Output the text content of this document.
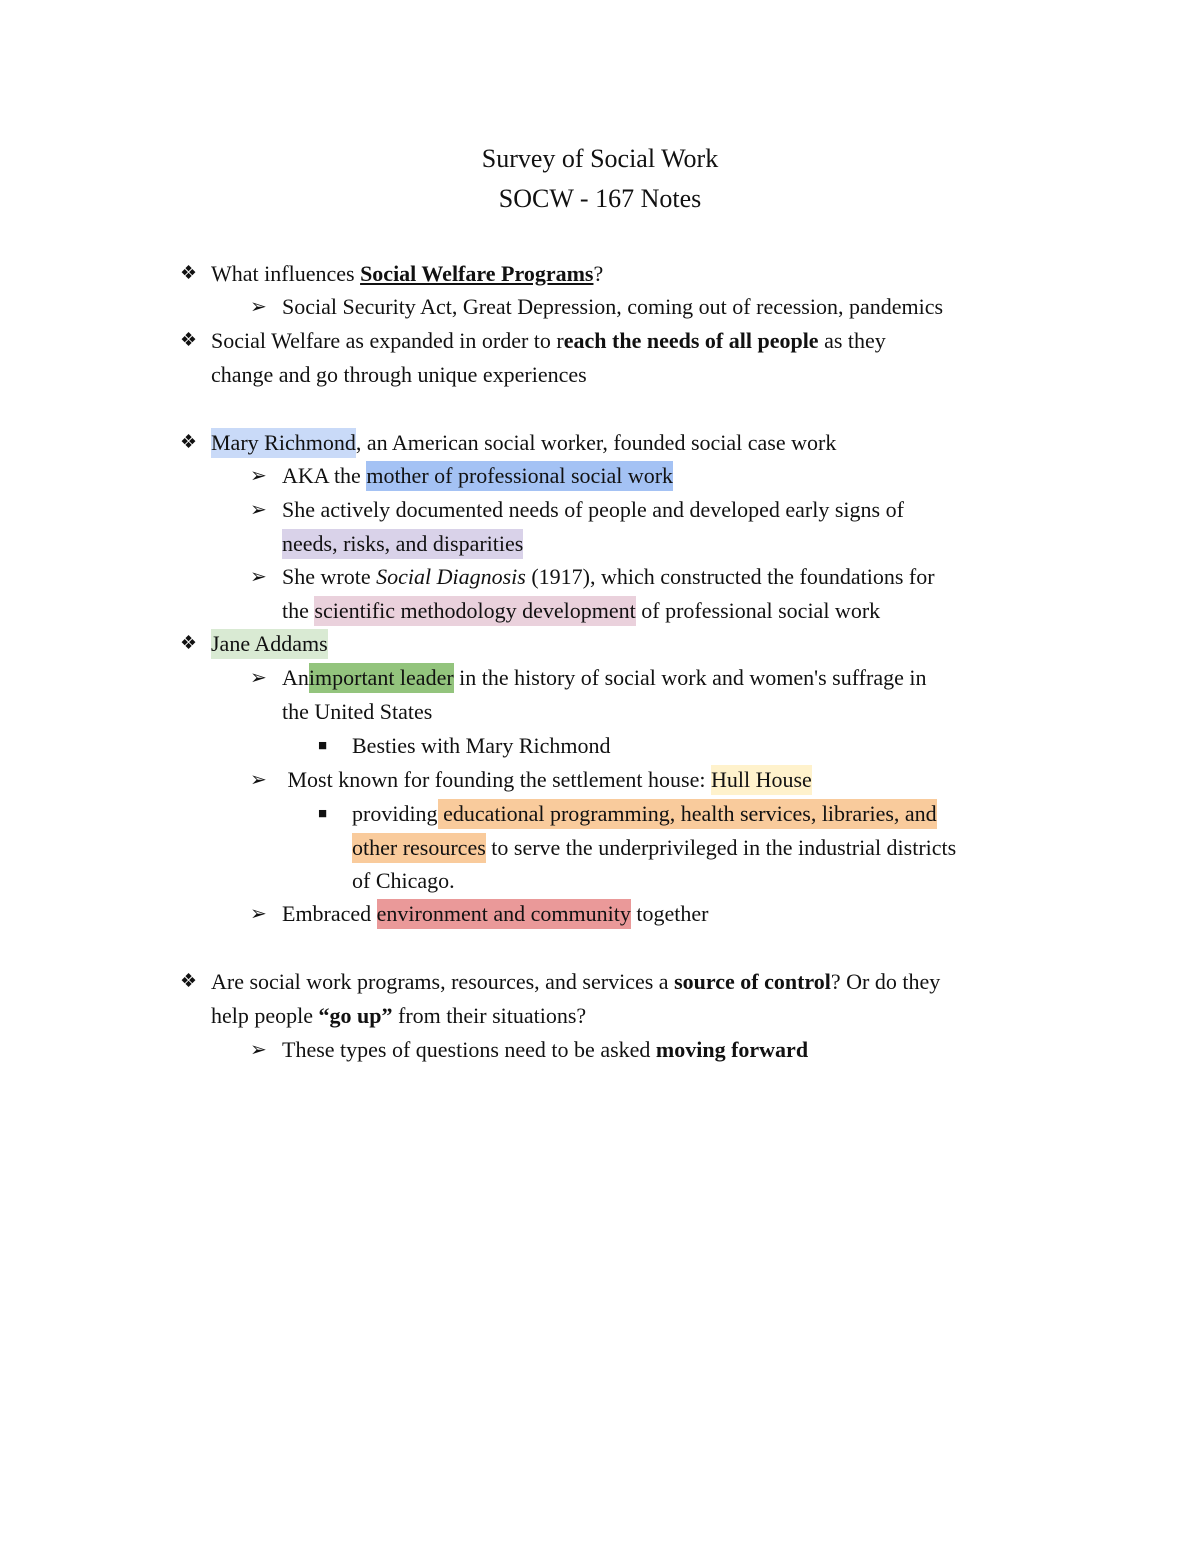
Survey of Social Work
SOCW - 167 Notes
❖ What influences Social Welfare Programs?
➢ Social Security Act, Great Depression, coming out of recession, pandemics
❖ Social Welfare as expanded in order to reach the needs of all people as they
change and go through unique experiences
❖ Mary Richmond, an American social worker, founded social case work
➢ AKA the mother of professional social work
➢ She actively documented needs of people and developed early signs of
needs, risks, and disparities
➢ She wrote Social Diagnosis (1917), which constructed the foundations for
the scientific methodology development of professional social work
❖ Jane Addams
➢ Animportant leader in the history of social work and women's suffrage in
the United States
■ Besties with Mary Richmond
➢ Most known for founding the settlement house: Hull House
■ providing educational programming, health services, libraries, and
other resources to serve the underprivileged in the industrial districts
of Chicago.
➢ Embraced environment and community together
❖ Are social work programs, resources, and services a source of control? Or do they
help people “go up” from their situations?
➢ These types of questions need to be asked moving forward
